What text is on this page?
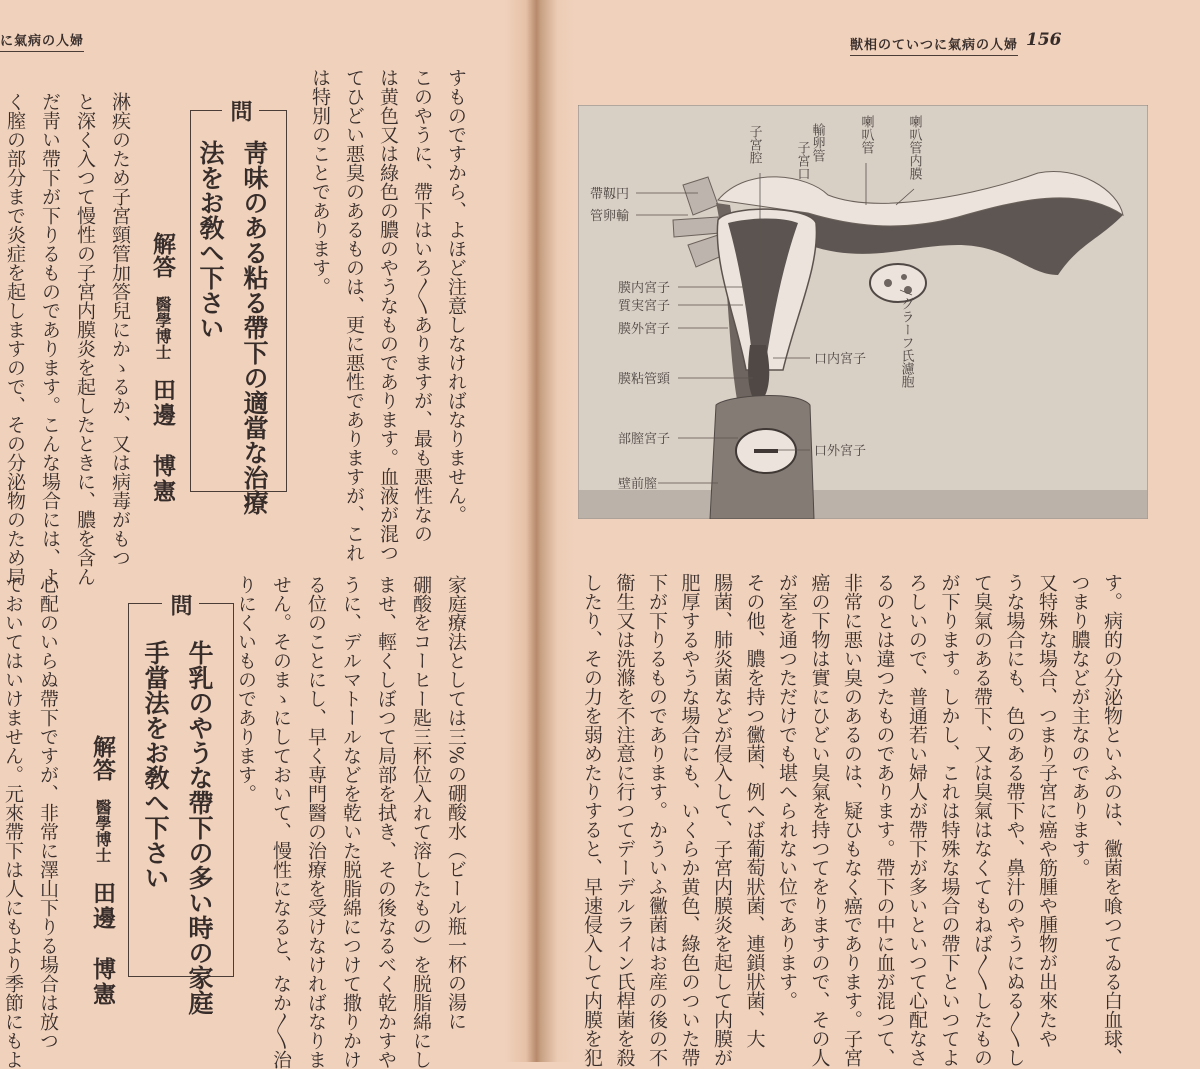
に氣病の人婦

すものですから、よほど注意しなければなりません。

このやうに、帶下はいろ〳〵ありますが、最も悪性なの

は黄色又は綠色の膿のやうなものであります。血液が混つ

てひどい悪臭のあるものは、更に悪性でありますが、これ

は特別のことであります。

問

靑味のある粘る帶下の適當な治療

法をお敎へ下さい

解答醫學博士田邊博憲

淋疾のため子宮頸管加答兒にかゝるか、又は病毒がもつ

と深く入つて慢性の子宮内膜炎を起したときに、膿を含ん

だ靑い帶下が下りるものであります。こんな場合には、よ

く膣の部分まで炎症を起しますので、その分泌物のため局

家庭療法としては三%の硼酸水（ビール瓶一杯の湯に

硼酸をコーヒー匙三杯位入れて溶したもの）を脱脂綿にし

ませ、輕くしぼつて局部を拭き、その後なるべく乾かすや

うに、デルマトールなどを乾いた脱脂綿につけて撒りかけ

る位のことにし、早く専門醫の治療を受けなければなりま

せん。そのまゝにしておいて、慢性になると、なか〳〵治

りにくいものであります。

問

牛乳のやうな帶下の多い時の家庭

手當法をお敎へ下さい

解答醫學博士田邊博憲

心配のいらぬ帶下ですが、非常に澤山下りる場合は放つ

ておいてはいけません。元來帶下は人にもより季節にもよ

獣相のていつに氣病の人婦 156
帶靱円
管卵輸
子宮腔	輸卵管
子宮口
喇叭管	喇叭管内膜
膜内宮子
質実宮子
膜外宮子
膜粘管頸
口内宮子
部膣宮子
口外宮子
壁前膣
グラーフ氏濾胞

す。病的の分泌物といふのは、黴菌を喰つてゐる白血球、

つまり膿などが主なのであります。

又特殊な場合、つまり子宮に癌や筋腫や腫物が出來たや

うな場合にも、色のある帶下や、鼻汁のやうにぬる〳〵し

て臭氣のある帶下、又は臭氣はなくてもねば〳〵したもの

が下ります。しかし、これは特殊な場合の帶下といつてよ

ろしいので、普通若い婦人が帶下が多いといつて心配なさ

るのとは違つたものであります。帶下の中に血が混つて、

非常に悪い臭のあるのは、疑ひもなく癌であります。子宮

癌の下物は實にひどい臭氣を持つてをりますので、その人

が室を通つただけでも堪へられない位であります。

その他、膿を持つ黴菌、例へば葡萄狀菌、連鎖狀菌、大

腸菌、肺炎菌などが侵入して、子宮内膜炎を起して内膜が

肥厚するやうな場合にも、いくらか黄色、綠色のついた帶

下が下りるものであります。かういふ黴菌はお産の後の不

衞生又は洗滌を不注意に行つてデーデルライン氏桿菌を殺

したり、その力を弱めたりすると、早速侵入して内膜を犯
